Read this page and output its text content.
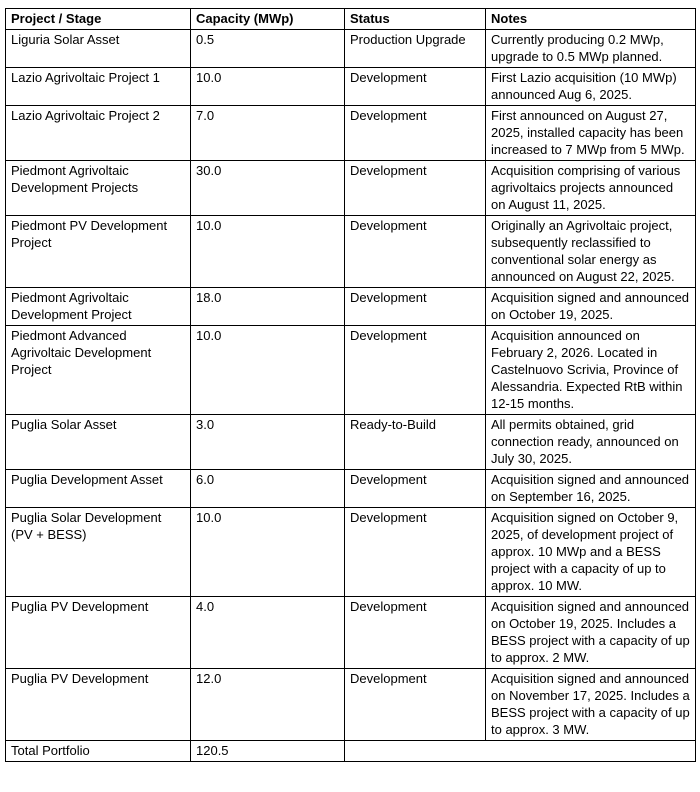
Project / Stage	Capacity (MWp)	Status	Notes
Liguria Solar Asset	0.5	Production Upgrade	Currently producing 0.2 MWp, upgrade to 0.5 MWp planned.
Lazio Agrivoltaic Project 1	10.0	Development	First Lazio acquisition (10 MWp) announced Aug 6, 2025.
Lazio Agrivoltaic Project 2	7.0	Development	First announced on August 27, 2025, installed capacity has been increased to 7 MWp from 5 MWp.
Piedmont Agrivoltaic Development Projects	30.0	Development	Acquisition comprising of various agrivoltaics projects announced on August 11, 2025.
Piedmont PV Development Project	10.0	Development	Originally an Agrivoltaic project, subsequently reclassified to conventional solar energy as announced on August 22, 2025.
Piedmont Agrivoltaic Development Project	18.0	Development	Acquisition signed and announced on October 19, 2025.
Piedmont Advanced Agrivoltaic Development Project	10.0	Development	Acquisition announced on February 2, 2026. Located in Castelnuovo Scrivia, Province of Alessandria. Expected RtB within 12-15 months.
Puglia Solar Asset	3.0	Ready-to-Build	All permits obtained, grid connection ready, announced on July 30, 2025.
Puglia Development Asset	6.0	Development	Acquisition signed and announced on September 16, 2025.
Puglia Solar Development (PV + BESS)	10.0	Development	Acquisition signed on October 9, 2025, of development project of approx. 10 MWp and a BESS project with a capacity of up to approx. 10 MW.
Puglia PV Development	4.0	Development	Acquisition signed and announced on October 19, 2025. Includes a BESS project with a capacity of up to approx. 2 MW.
Puglia PV Development	12.0	Development	Acquisition signed and announced on November 17, 2025. Includes a BESS project with a capacity of up to approx. 3 MW.
Total Portfolio	120.5		
